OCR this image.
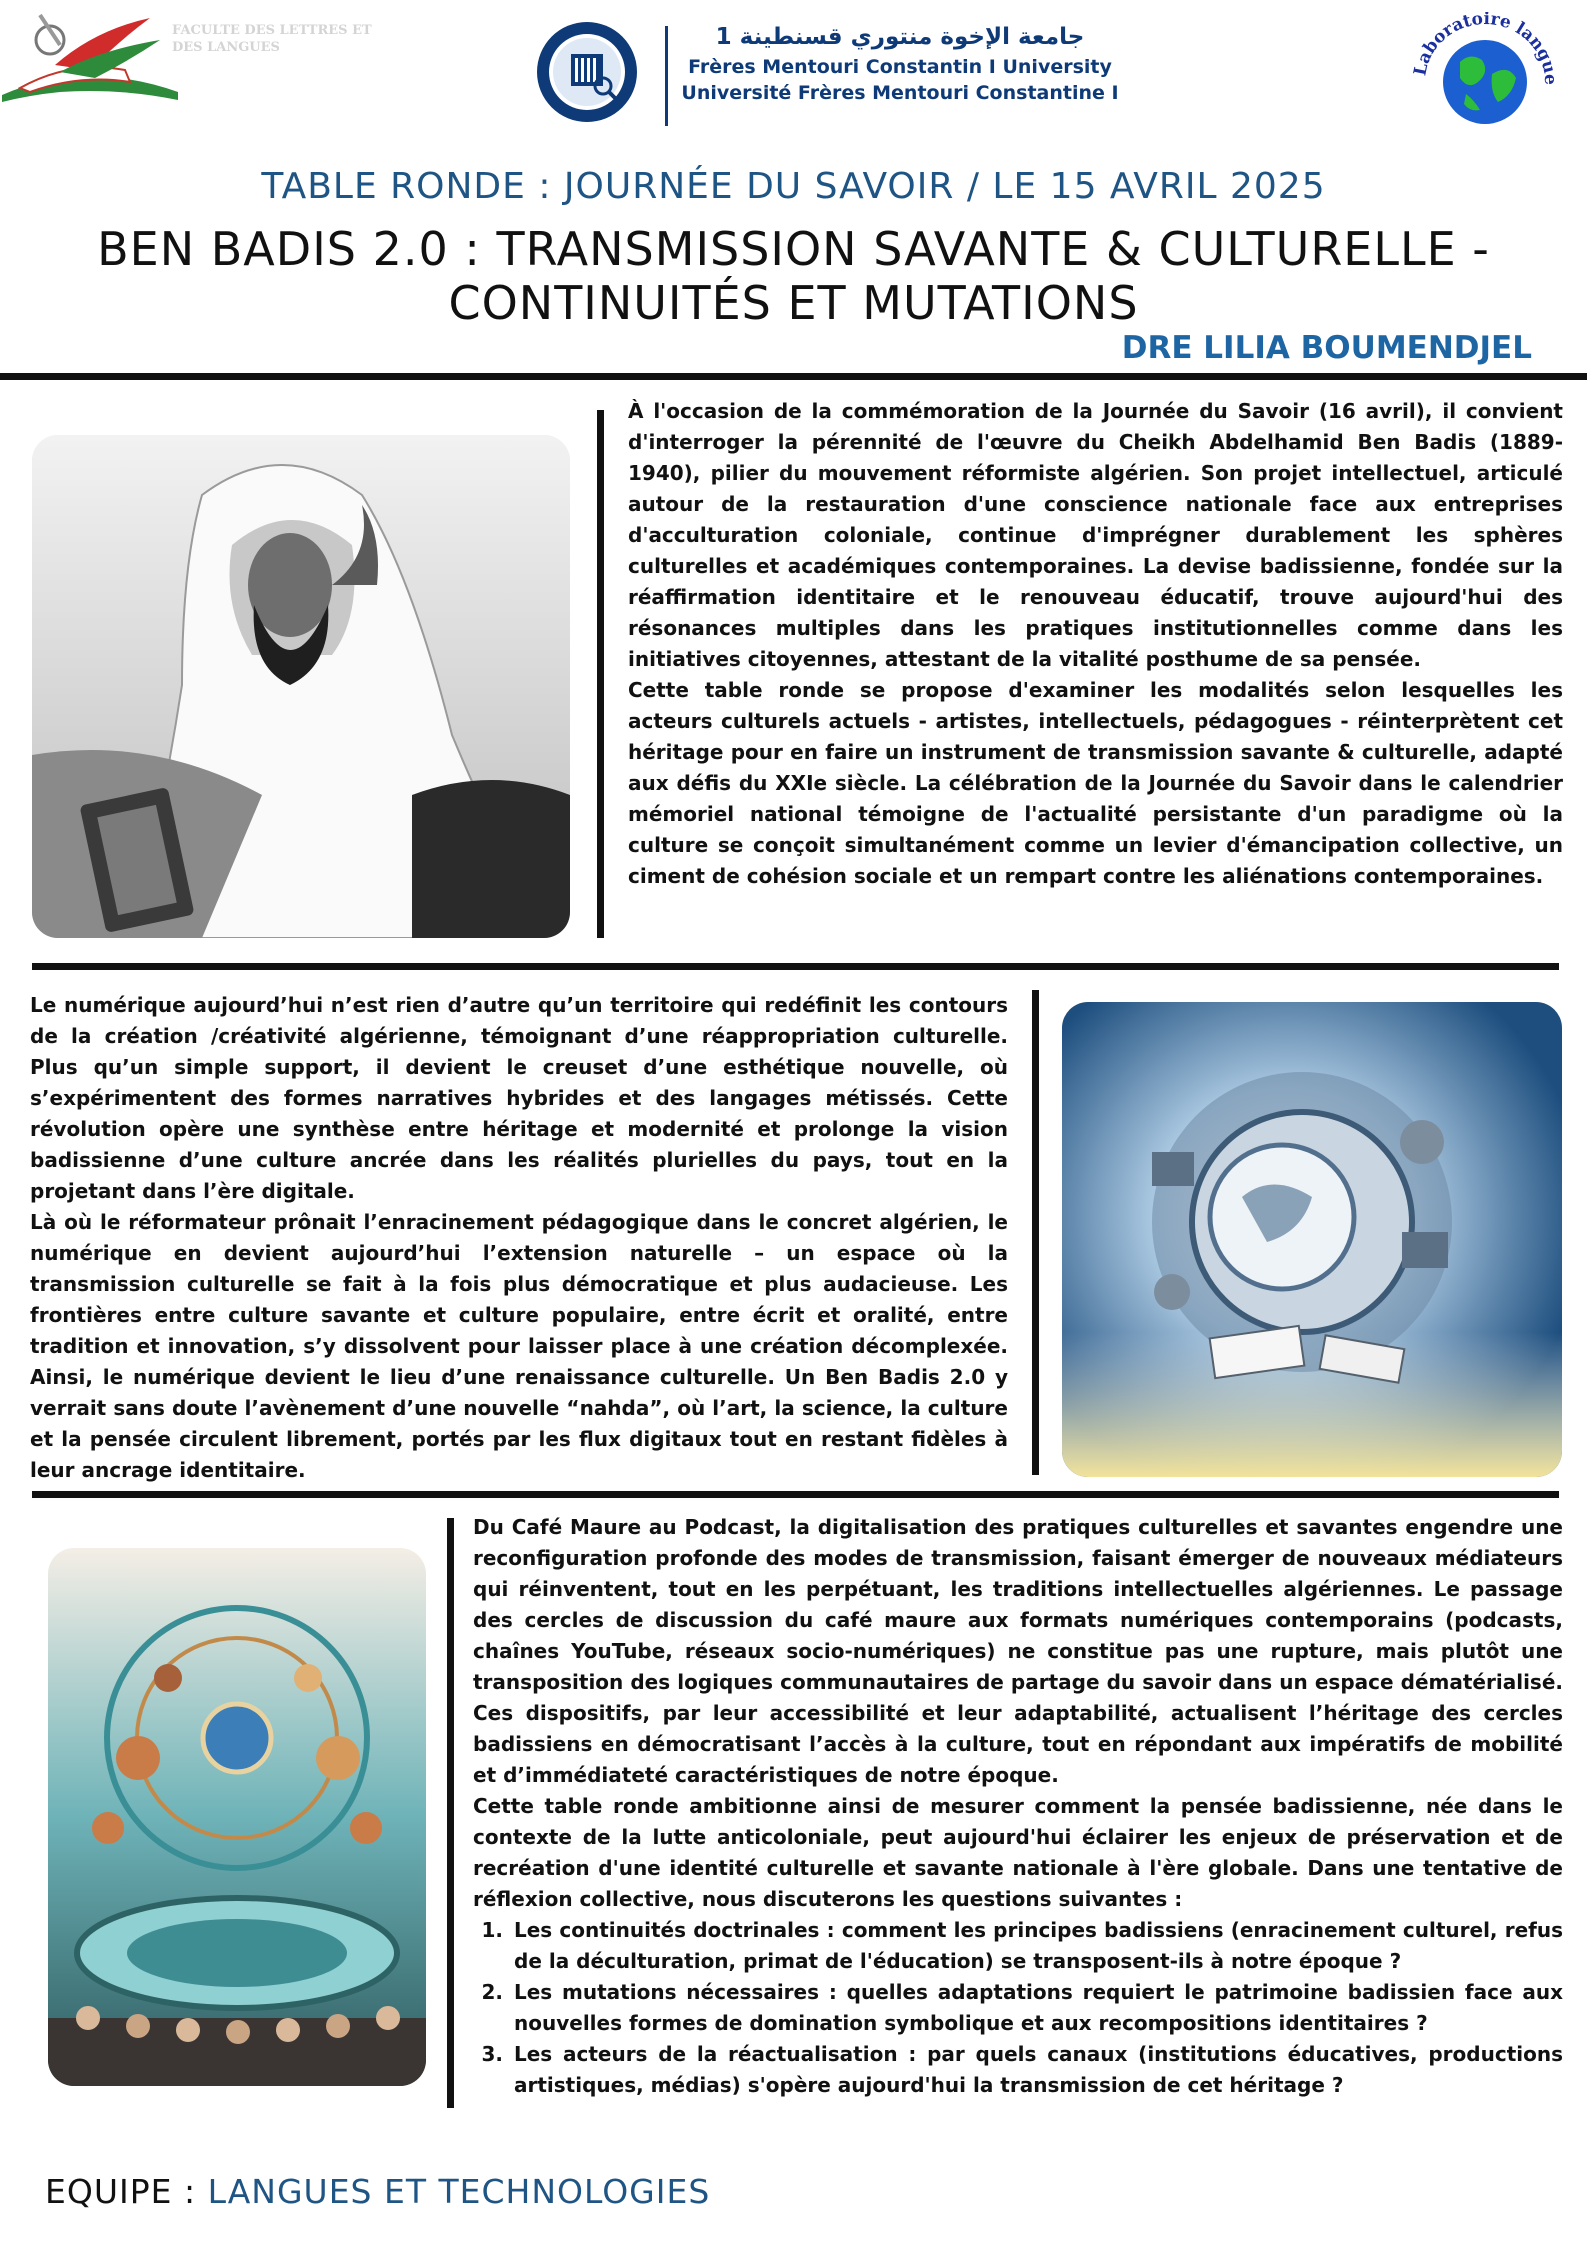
FACULTE DES LETTRES ET DES LANGUES	جامعة الإخوة منتوري قسنطينة 1
Frères Mentouri Constantin I University
Université Frères Mentouri Constantine I
Laboratoire langue
TABLE RONDE : JOURNÉE DU SAVOIR / LE 15 AVRIL 2025
BEN BADIS 2.0 : TRANSMISSION SAVANTE & CULTURELLE -
CONTINUITÉS ET MUTATIONS
DRE LILIA BOUMENDJEL

À l'occasion de la commémoration de la Journée du Savoir (16 avril), il convient d'interroger la pérennité de l'œuvre du Cheikh Abdelhamid Ben Badis (1889-1940), pilier du mouvement réformiste algérien. Son projet intellectuel, articulé autour de la restauration d'une conscience nationale face aux entreprises d'acculturation coloniale, continue d'imprégner durablement les sphères culturelles et académiques contemporaines. La devise badissienne, fondée sur la réaffirmation identitaire et le renouveau éducatif, trouve aujourd'hui des résonances multiples dans les pratiques institutionnelles comme dans les initiatives citoyennes, attestant de la vitalité posthume de sa pensée.

Cette table ronde se propose d'examiner les modalités selon lesquelles les acteurs culturels actuels - artistes, intellectuels, pédagogues - réinterprètent cet héritage pour en faire un instrument de transmission savante & culturelle, adapté aux défis du XXIe siècle. La célébration de la Journée du Savoir dans le calendrier mémoriel national témoigne de l'actualité persistante d'un paradigme où la culture se conçoit simultanément comme un levier d'émancipation collective, un ciment de cohésion sociale et un rempart contre les aliénations contemporaines.

Le numérique aujourd’hui n’est rien d’autre qu’un territoire qui redéfinit les contours de la création /créativité algérienne, témoignant d’une réappropriation culturelle. Plus qu’un simple support, il devient le creuset d’une esthétique nouvelle, où s’expérimentent des formes narratives hybrides et des langages métissés. Cette révolution opère une synthèse entre héritage et modernité et prolonge la vision badissienne d’une culture ancrée dans les réalités plurielles du pays, tout en la projetant dans l’ère digitale.

Là où le réformateur prônait l’enracinement pédagogique dans le concret algérien, le numérique en devient aujourd’hui l’extension naturelle – un espace où la transmission culturelle se fait à la fois plus démocratique et plus audacieuse. Les frontières entre culture savante et culture populaire, entre écrit et oralité, entre tradition et innovation, s’y dissolvent pour laisser place à une création décomplexée. Ainsi, le numérique devient le lieu d’une renaissance culturelle. Un Ben Badis 2.0 y verrait sans doute l’avènement d’une nouvelle “nahda”, où l’art, la science, la culture et la pensée circulent librement, portés par les flux digitaux tout en restant fidèles à leur ancrage identitaire.

Du Café Maure au Podcast, la digitalisation des pratiques culturelles et savantes engendre une reconfiguration profonde des modes de transmission, faisant émerger de nouveaux médiateurs qui réinventent, tout en les perpétuant, les traditions intellectuelles algériennes. Le passage des cercles de discussion du café maure aux formats numériques contemporains (podcasts, chaînes YouTube, réseaux socio-numériques) ne constitue pas une rupture, mais plutôt une transposition des logiques communautaires de partage du savoir dans un espace dématérialisé. Ces dispositifs, par leur accessibilité et leur adaptabilité, actualisent l’héritage des cercles badissiens en démocratisant l’accès à la culture, tout en répondant aux impératifs de mobilité et d’immédiateté caractéristiques de notre époque.

Cette table ronde ambitionne ainsi de mesurer comment la pensée badissienne, née dans le contexte de la lutte anticoloniale, peut aujourd'hui éclairer les enjeux de préservation et de recréation d'une identité culturelle et savante nationale à l'ère globale. Dans une tentative de réflexion collective, nous discuterons les questions suivantes :

1. Les continuités doctrinales : comment les principes badissiens (enracinement culturel, refus de la déculturation, primat de l'éducation) se transposent-ils à notre époque ?
2. Les mutations nécessaires : quelles adaptations requiert le patrimoine badissien face aux nouvelles formes de domination symbolique et aux recompositions identitaires ?
3. Les acteurs de la réactualisation : par quels canaux (institutions éducatives, productions artistiques, médias) s'opère aujourd'hui la transmission de cet héritage ?
EQUIPE : LANGUES ET TECHNOLOGIES
